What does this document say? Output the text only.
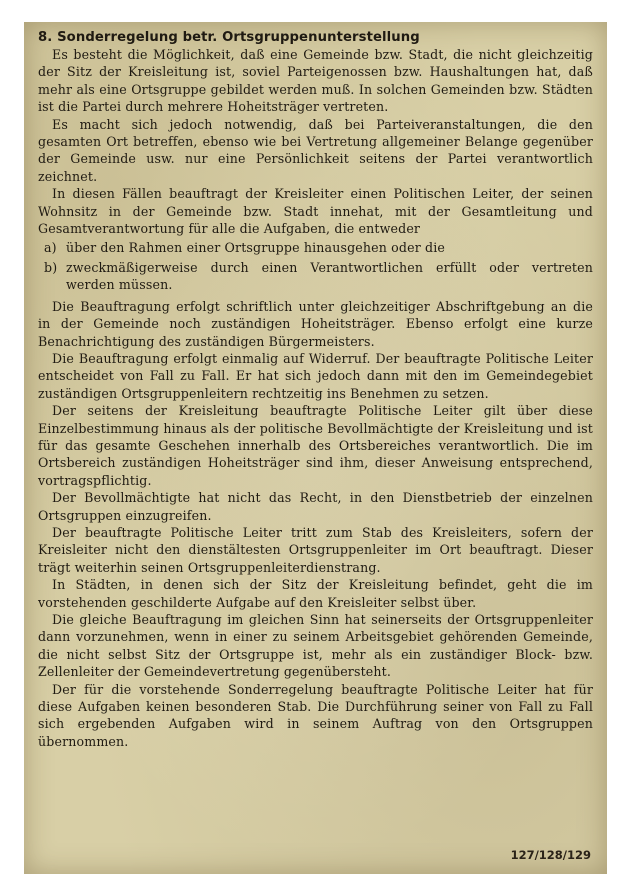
8. Sonderregelung betr. Ortsgruppenunterstellung

Es besteht die Möglichkeit, daß eine Gemeinde bzw. Stadt, die nicht gleichzeitig der Sitz der Kreisleitung ist, soviel Parteigenossen bzw. Haushaltungen hat, daß mehr als eine Ortsgruppe gebildet werden muß. In solchen Gemeinden bzw. Städten ist die Partei durch mehrere Hoheitsträger vertreten.

Es macht sich jedoch notwendig, daß bei Parteiveranstaltungen, die den gesamten Ort betreffen, ebenso wie bei Vertretung allgemeiner Belange gegenüber der Gemeinde usw. nur eine Persönlichkeit seitens der Partei verantwortlich zeichnet.

In diesen Fällen beauftragt der Kreisleiter einen Politischen Leiter, der seinen Wohnsitz in der Gemeinde bzw. Stadt innehat, mit der Gesamtleitung und Gesamtverantwortung für alle die Aufgaben, die entweder

a) über den Rahmen einer Ortsgruppe hinausgehen oder die
b) zweckmäßigerweise durch einen Verantwortlichen erfüllt oder vertreten werden müssen.

Die Beauftragung erfolgt schriftlich unter gleichzeitiger Abschriftgebung an die in der Gemeinde noch zuständigen Hoheitsträger. Ebenso erfolgt eine kurze Benachrichtigung des zuständigen Bürgermeisters.

Die Beauftragung erfolgt einmalig auf Widerruf. Der beauftragte Politische Leiter entscheidet von Fall zu Fall. Er hat sich jedoch dann mit den im Gemeindegebiet zuständigen Ortsgruppenleitern rechtzeitig ins Benehmen zu setzen.

Der seitens der Kreisleitung beauftragte Politische Leiter gilt über diese Einzelbestimmung hinaus als der politische Bevollmächtigte der Kreisleitung und ist für das gesamte Geschehen innerhalb des Ortsbereiches verantwortlich. Die im Ortsbereich zuständigen Hoheitsträger sind ihm, dieser Anweisung entsprechend, vortragspflichtig.

Der Bevollmächtigte hat nicht das Recht, in den Dienstbetrieb der einzelnen Ortsgruppen einzugreifen.

Der beauftragte Politische Leiter tritt zum Stab des Kreisleiters, sofern der Kreisleiter nicht den dienstältesten Ortsgruppenleiter im Ort beauftragt. Dieser trägt weiterhin seinen Ortsgruppenleiterdienstrang.

In Städten, in denen sich der Sitz der Kreisleitung befindet, geht die im vorstehenden geschilderte Aufgabe auf den Kreisleiter selbst über.

Die gleiche Beauftragung im gleichen Sinn hat seinerseits der Ortsgruppenleiter dann vorzunehmen, wenn in einer zu seinem Arbeitsgebiet gehörenden Gemeinde, die nicht selbst Sitz der Ortsgruppe ist, mehr als ein zuständiger Block- bzw. Zellenleiter der Gemeindevertretung gegenübersteht.

Der für die vorstehende Sonderregelung beauftragte Politische Leiter hat für diese Aufgaben keinen besonderen Stab. Die Durchführung seiner von Fall zu Fall sich ergebenden Aufgaben wird in seinem Auftrag von den Ortsgruppen übernommen.

127/128/129
